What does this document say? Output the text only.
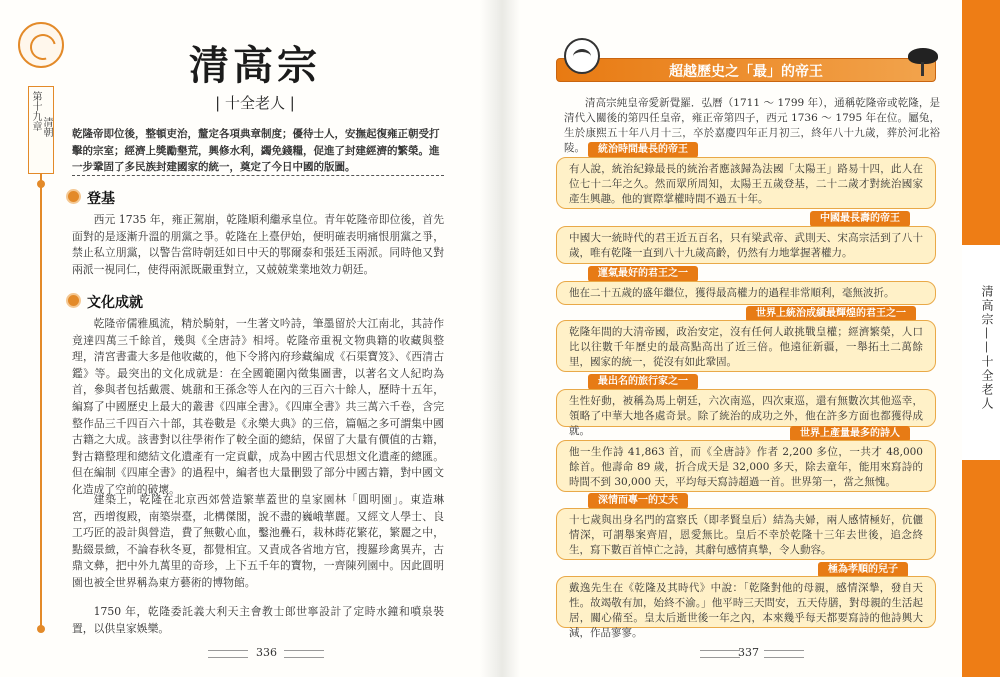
第十九章 清朝
清高宗
| 十全老人 |
乾隆帝即位後，整頓吏治，釐定各項典章制度；優待士人，安撫起復雍正朝受打擊的宗室；經濟上獎勵墾荒，興修水利，蠲免錢糧，促進了封建經濟的繁榮。進一步鞏固了多民族封建國家的統一，奠定了今日中國的版圖。
登基

西元 1735 年，雍正駕崩，乾隆順利繼承皇位。青年乾隆帝即位後，首先面對的是逐漸升溫的朋黨之爭。乾隆在上臺伊始，便明確表明痛恨朋黨之爭，禁止私立朋黨，以警告當時朝廷如日中天的鄂爾泰和張廷玉兩派。同時他又對兩派一視同仁，使得兩派既嚴重對立，又兢兢業業地效力朝廷。

文化成就

乾隆帝儒雅風流，精於騎射，一生著文吟詩，筆墨留於大江南北，其詩作竟達四萬三千餘首，幾與《全唐詩》相埒。乾隆帝重視文物典籍的收藏與整理，清宮書畫大多是他收藏的，他下令將內府珍藏編成《石渠寶笈》、《西清古鑑》等。最突出的文化成就是：在全國範圍內徵集圖書，以著名文人紀昀為首，參與者包括戴震、姚鼐和王孫念等人在內的三百六十餘人，歷時十五年，編寫了中國歷史上最大的叢書《四庫全書》。《四庫全書》共三萬六千卷，含完整作品三千四百六十部，其卷數是《永樂大典》的三倍，篇幅之多可謂集中國古籍之大成。該書對以往學術作了較全面的總結，保留了大量有價值的古籍，對古籍整理和總結文化遺產有一定貢獻，成為中國古代思想文化遺產的總匯。但在編制《四庫全書》的過程中，編者也大量刪毀了部分中國古籍，對中國文化造成了空前的破壞。

建築上，乾隆在北京西郊營造繁華蓋世的皇家園林「圓明園」。東造琳宮，西增復殿，南築崇臺，北構傑閣，說不盡的巍峨華麗。又經文人學士、良工巧匠的設計與營造，費了無數心血，鑿池疊石，栽林蒔花繁花，繁麗之中，點綴景緻，不論春秋冬夏，都覺相宜。又責成各省地方官，搜羅珍禽異卉，古鼎文彝，把中外九萬里的奇珍，上下五千年的寶物，一齊陳列園中。因此圓明園也被全世界稱為東方藝術的博物館。

1750 年，乾隆委託義大利天主會教士郎世寧設計了定時水鐘和噴泉裝置，以供皇家娛樂。

336
超越歷史之「最」的帝王

清高宗純皇帝愛新覺羅．弘曆（1711 ～ 1799 年），通稱乾隆帝或乾隆，是清代入關後的第四任皇帝，雍正帝第四子，西元 1736 ～ 1795 年在位。屬兔，生於康熙五十年八月十三，卒於嘉慶四年正月初三，終年八十九歲，葬於河北裕陵。	統治時間最長的帝王
有人說，統治紀錄最長的統治者應該歸為法國「太陽王」路易十四，此人在位七十二年之久。然而眾所周知，太陽王五歲登基，二十二歲才對統治國家產生興趣。他的實際掌權時間不過五十年。
中國最長壽的帝王
中國大一統時代的君王近五百名，只有梁武帝、武則天、宋高宗活到了八十歲，唯有乾隆一直到八十九歲高齡，仍然有力地掌握著權力。
運氣最好的君王之一
他在二十五歲的盛年繼位，獲得最高權力的過程非常順利，毫無波折。
世界上統治成績最輝煌的君王之一
乾隆年間的大清帝國，政治安定，沒有任何人敢挑戰皇權；經濟繁榮，人口比以往數千年歷史的最高點高出了近三倍。他遠征新疆，一舉拓土二萬餘里，國家的統一，從沒有如此鞏固。
最出名的旅行家之一
生性好動，被稱為馬上朝廷，六次南巡，四次東巡，還有無數次其他巡幸，領略了中華大地各處奇景。除了統治的成功之外，他在許多方面也都獲得成就。	世界上產量最多的詩人
他一生作詩 41,863 首，而《全唐詩》作者 2,200 多位，一共才 48,000 餘首。他壽命 89 歲，折合成天是 32,000 多天，除去童年，能用來寫詩的時間不到 30,000 天，平均每天寫詩超過一首。世界第一，當之無愧。
深情而專一的丈夫
十七歲與出身名門的富察氏（即孝賢皇后）結為夫婦，兩人感情極好，伉儷情深，可謂舉案齊眉，恩愛無比。皇后不幸於乾隆十三年去世後，追念終生，寫下數百首悼亡之詩，其辭句感情真摯，令人動容。
極為孝順的兒子
戴逸先生在《乾隆及其時代》中說：「乾隆對他的母親，感情深摯，發自天性。故竭敬有加，始終不渝。」他平時三天問安，五天侍膳，對母親的生活起居，關心備至。皇太后逝世後一年之內，本來幾乎每天都要寫詩的他詩興大減，作品寥寥。
337
清高宗——十全老人
